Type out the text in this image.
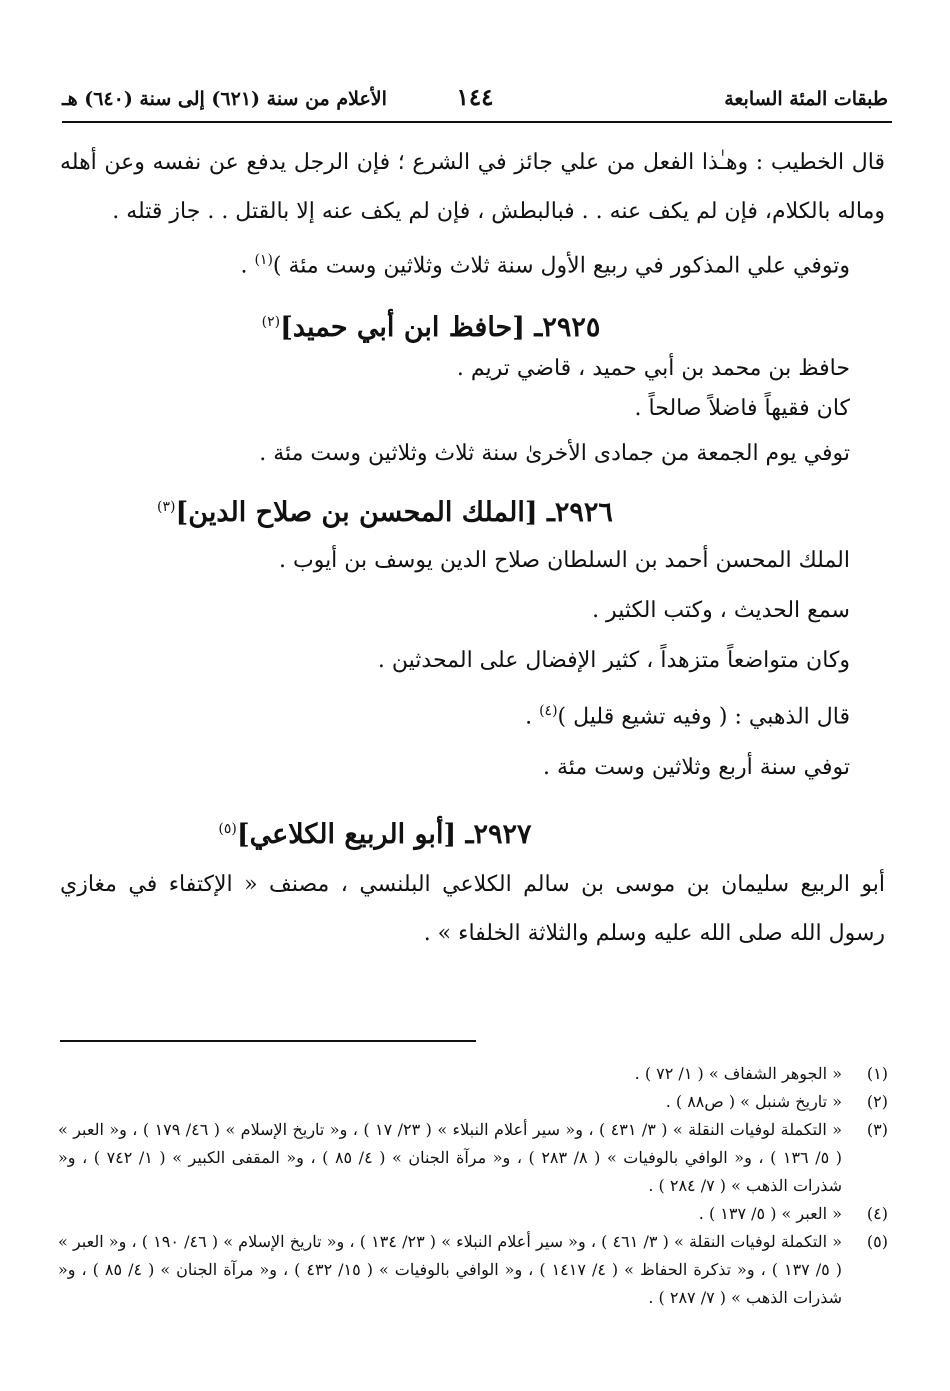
طبقات المئة السابعة
١٤٤
الأعلام من سنة (٦٢١) إلى سنة (٦٤٠) هـ

قال الخطيب : وهـٰذا الفعل من علي جائز في الشرع ؛ فإن الرجل يدفع عن نفسه وعن أهله وماله بالكلام، فإن لم يكف عنه . . فبالبطش ، فإن لم يكف عنه إلا بالقتل . . جاز قتله .

وتوفي علي المذكور في ربيع الأول سنة ثلاث وثلاثين وست مئة )$^{(١)}$ .

٢٩٢٥ـ [حافظ ابن أبي حميد]$^{(٢)}$

حافظ بن محمد بن أبي حميد ، قاضي تريم .

كان فقيهاً فاضلاً صالحاً .

توفي يوم الجمعة من جمادى الأخرىٰ سنة ثلاث وثلاثين وست مئة .

٢٩٢٦ـ [الملك المحسن بن صلاح الدين]$^{(٣)}$

الملك المحسن أحمد بن السلطان صلاح الدين يوسف بن أيوب .

سمع الحديث ، وكتب الكثير .

وكان متواضعاً متزهداً ، كثير الإفضال على المحدثين .

قال الذهبي : ( وفيه تشيع قليل )$^{(٤)}$ .

توفي سنة أربع وثلاثين وست مئة .

٢٩٢٧ـ [أبو الربيع الكلاعي]$^{(٥)}$

أبو الربيع سليمان بن موسى بن سالم الكلاعي البلنسي ، مصنف « الإكتفاء في مغازي رسول الله صلى الله عليه وسلم والثلاثة الخلفاء » .

(١)
« الجوهر الشفاف » ( ١/ ٧٢ ) .
(٢)
« تاريخ شنبل » ( ص٨٨ ) .
(٣)
« التكملة لوفيات النقلة » ( ٣/ ٤٣١ ) ، و« سير أعلام النبلاء » ( ٢٣/ ١٧ ) ، و« تاريخ الإسلام » ( ٤٦/ ١٧٩ ) ، و« العبر » ( ٥/ ١٣٦ ) ، و« الوافي بالوفيات » ( ٨/ ٢٨٣ ) ، و« مرآة الجنان » ( ٤/ ٨٥ ) ، و« المقفى الكبير » ( ١/ ٧٤٢ ) ، و« شذرات الذهب » ( ٧/ ٢٨٤ ) .
(٤)
« العبر » ( ٥/ ١٣٧ ) .
(٥)
« التكملة لوفيات النقلة » ( ٣/ ٤٦١ ) ، و« سير أعلام النبلاء » ( ٢٣/ ١٣٤ ) ، و« تاريخ الإسلام » ( ٤٦/ ١٩٠ ) ، و« العبر » ( ٥/ ١٣٧ ) ، و« تذكرة الحفاظ » ( ٤/ ١٤١٧ ) ، و« الوافي بالوفيات » ( ١٥/ ٤٣٢ ) ، و« مرآة الجنان » ( ٤/ ٨٥ ) ، و« شذرات الذهب » ( ٧/ ٢٨٧ ) .
